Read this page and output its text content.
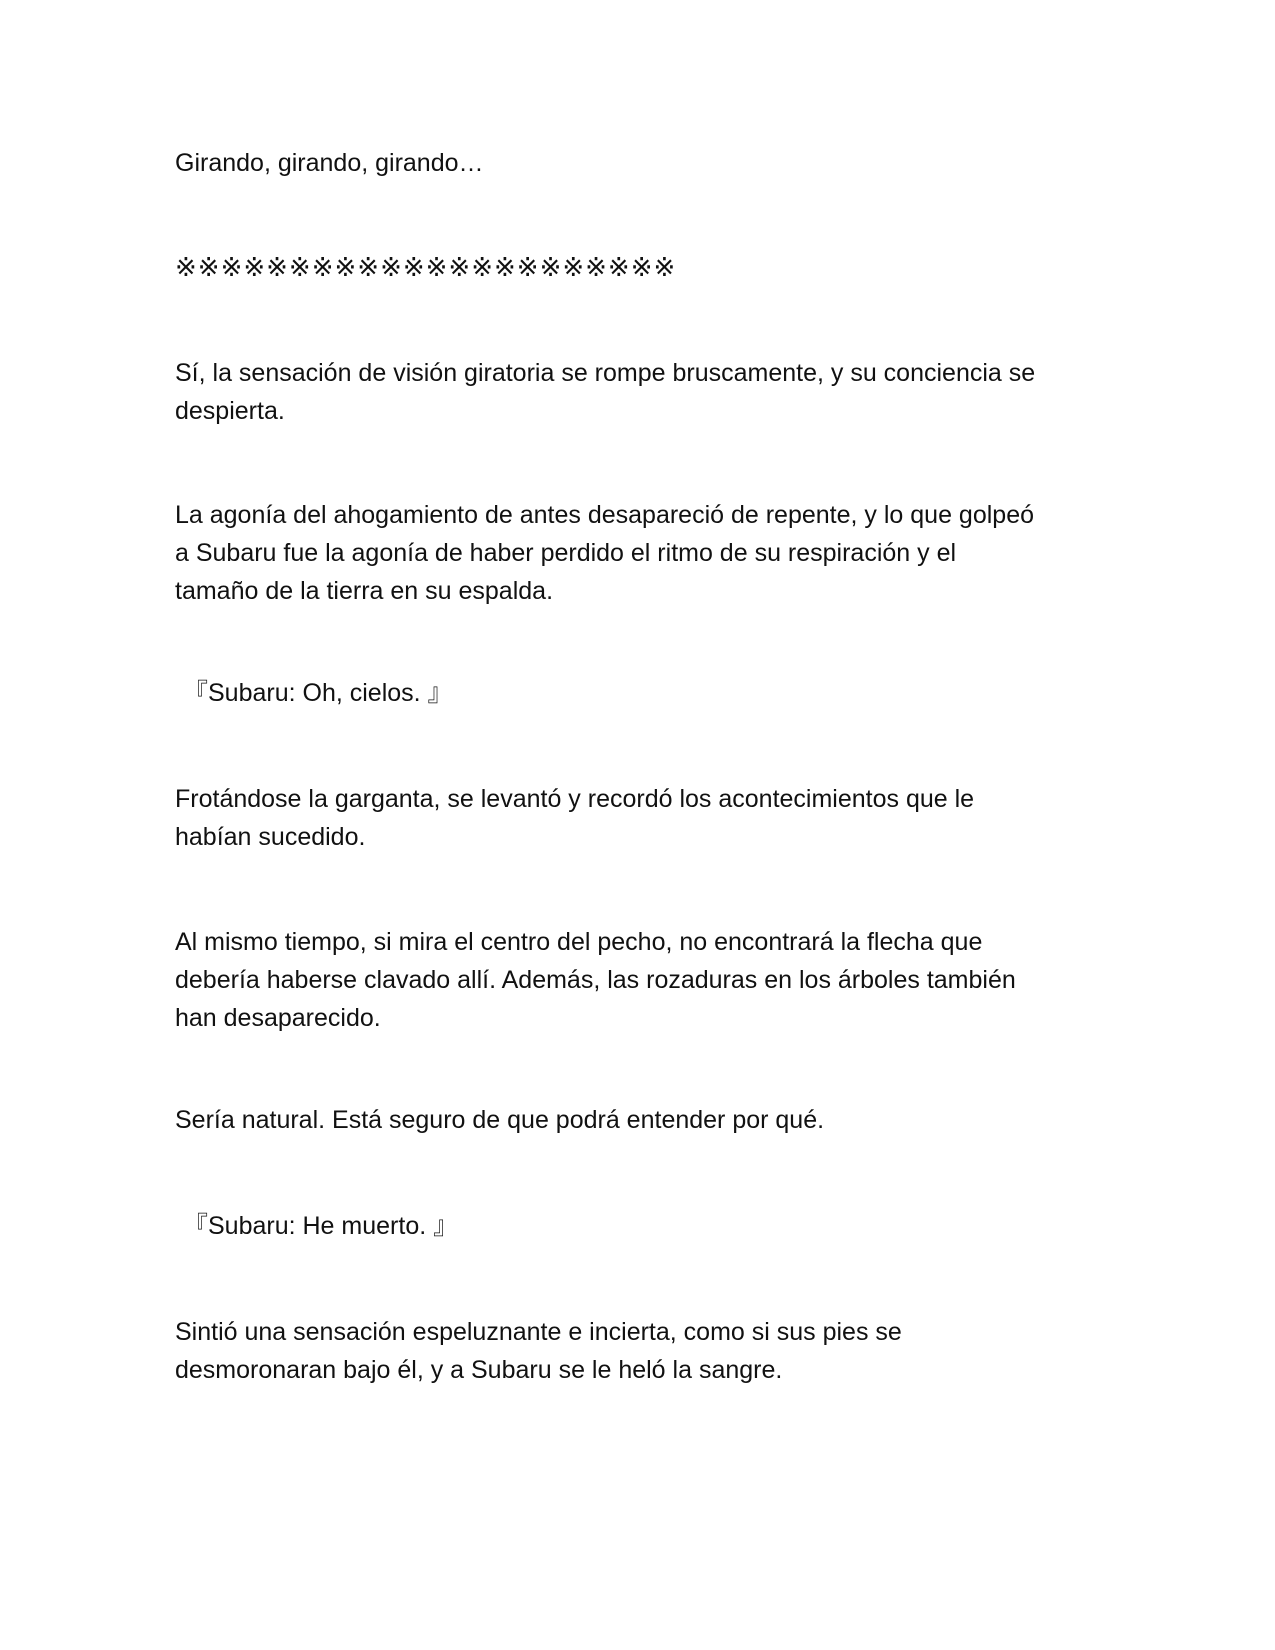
Girando, girando, girando…

※※※※※※※※※※※※※※※※※※※※※※

Sí, la sensación de visión giratoria se rompe bruscamente, y su conciencia se
despierta.

La agonía del ahogamiento de antes desapareció de repente, y lo que golpeó
a Subaru fue la agonía de haber perdido el ritmo de su respiración y el
tamaño de la tierra en su espalda.

『Subaru: Oh, cielos. 』

Frotándose la garganta, se levantó y recordó los acontecimientos que le
habían sucedido.

Al mismo tiempo, si mira el centro del pecho, no encontrará la flecha que
debería haberse clavado allí. Además, las rozaduras en los árboles también
han desaparecido.

Sería natural. Está seguro de que podrá entender por qué.

『Subaru: He muerto. 』

Sintió una sensación espeluznante e incierta, como si sus pies se
desmoronaran bajo él, y a Subaru se le heló la sangre.
